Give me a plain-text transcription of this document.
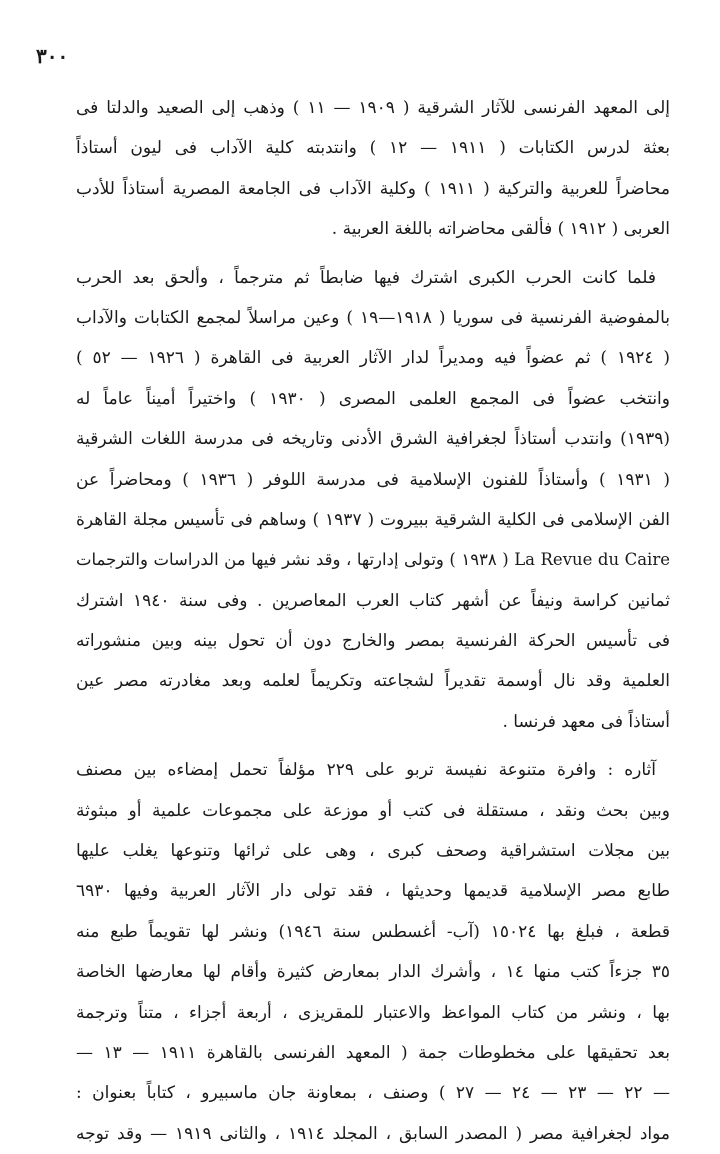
٣٠٠
إلى المعهد الفرنسى للآثار الشرقية ( ١٩٠٩ — ١١ ) وذهب إلى الصعيد والدلتا فى
بعثة لدرس الكتابات ( ١٩١١ — ١٢ ) وانتدبته كلية الآداب فى ليون أستاذاً
محاضراً للعربية والتركية ( ١٩١١ ) وكلية الآداب فى الجامعة المصرية أستاذاً للأدب
العربى ( ١٩١٢ ) فألقى محاضراته باللغة العربية .
فلما كانت الحرب الكبرى اشترك فيها ضابطاً ثم مترجماً ، وألحق بعد الحرب
بالمفوضية الفرنسية فى سوريا ( ١٩١٨—١٩ ) وعين مراسلاً لمجمع الكتابات والآداب
( ١٩٢٤ ) ثم عضواً فيه ومديراً لدار الآثار العربية فى القاهرة ( ١٩٢٦ — ٥٢ )
وانتخب عضواً فى المجمع العلمى المصرى ( ١٩٣٠ ) واختيراً أميناً عاماً له
(١٩٣٩) وانتدب أستاذاً لجغرافية الشرق الأدنى وتاريخه فى مدرسة اللغات الشرقية
( ١٩٣١ ) وأستاذاً للفنون الإسلامية فى مدرسة اللوفر ( ١٩٣٦ ) ومحاضراً عن
الفن الإسلامى فى الكلية الشرقية ببيروت ( ١٩٣٧ ) وساهم فى تأسيس مجلة القاهرة
La Revue du Caire ( ١٩٣٨ ) وتولى إدارتها ، وقد نشر فيها من الدراسات والترجمات
ثمانين كراسة ونيفاً عن أشهر كتاب العرب المعاصرين . وفى سنة ١٩٤٠ اشترك
فى تأسيس الحركة الفرنسية بمصر والخارج دون أن تحول بينه وبين منشوراته
العلمية وقد نال أوسمة تقديراً لشجاعته وتكريماً لعلمه وبعد مغادرته مصر عين
أستاذاً فى معهد فرنسا .
آثاره : وافرة متنوعة نفيسة تربو على ٢٢٩ مؤلفاً تحمل إمضاءه بين مصنف
وبين بحث ونقد ، مستقلة فى كتب أو موزعة على مجموعات علمية أو مبثوثة
بين مجلات استشراقية وصحف كبرى ، وهى على ثرائها وتنوعها يغلب عليها
طابع مصر الإسلامية قديمها وحديثها ، فقد تولى دار الآثار العربية وفيها ٦٩٣٠
قطعة ، فبلغ بها ١٥٠٢٤ (آب- أغسطس سنة ١٩٤٦) ونشر لها تقويماً طبع منه
٣٥ جزءاً كتب منها ١٤ ، وأشرك الدار بمعارض كثيرة وأقام لها معارضها الخاصة
بها ، ونشر من كتاب المواعظ والاعتبار للمقريزى ، أربعة أجزاء ، متناً وترجمة
بعد تحقيقها على مخطوطات جمة ( المعهد الفرنسى بالقاهرة ١٩١١ — ١٣ —
— ٢٢ — ٢٣ — ٢٤ — ٢٧ ) وصنف ، بمعاونة جان ماسبيرو ، كتاباً بعنوان :
مواد لجغرافية مصر ( المصدر السابق ، المجلد ١٩١٤ ، والثانى ١٩١٩ — وقد توجه
